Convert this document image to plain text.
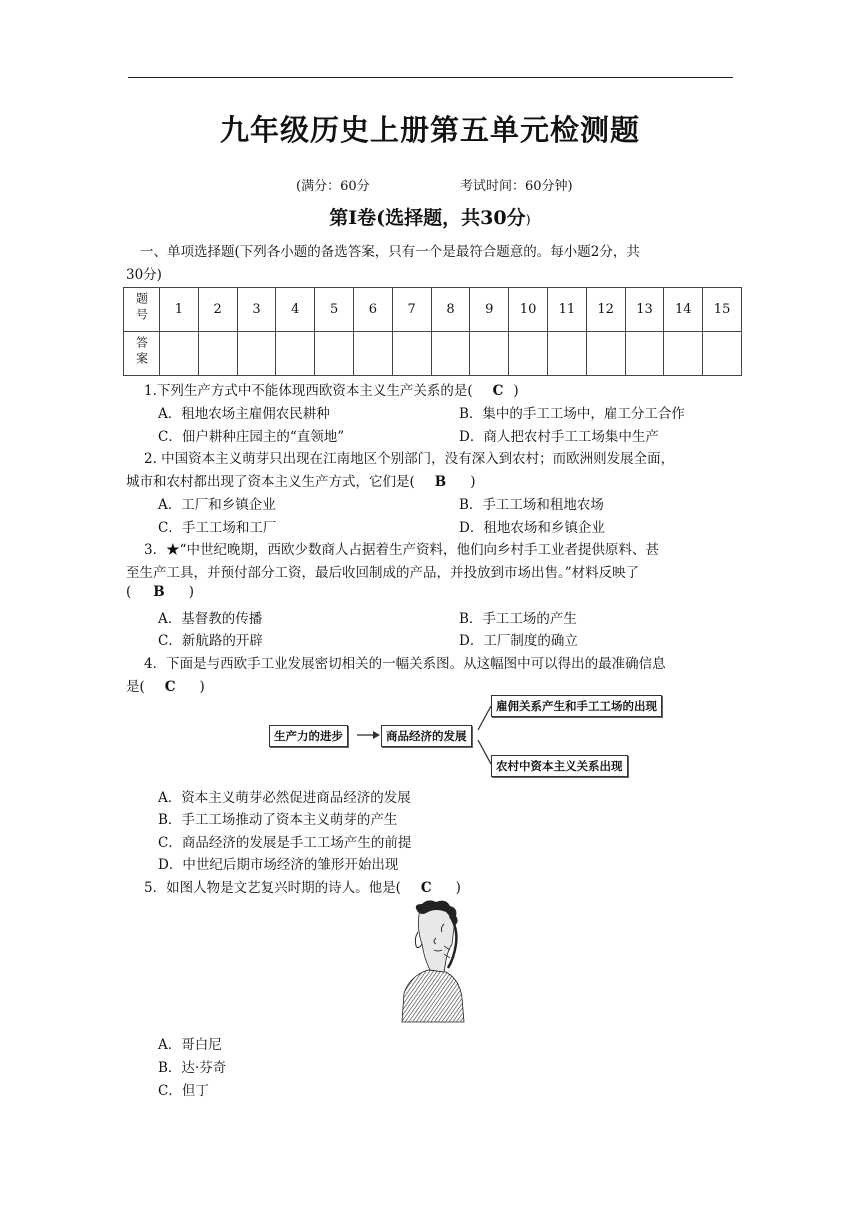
九年级历史上册第五单元检测题
(满分：60分	考试时间：60分钟)
第Ⅰ卷(选择题，共30分)
一、单项选择题(下列各小题的备选答案，只有一个是最符合题意的。每小题2分，共
30分)
题号	1	2	3	4	5	6	7	8	9	10	11	12	13	14	15
答案															
1.下列生产方式中不能体现西欧资本主义生产关系的是( C )
A．租地农场主雇佣农民耕种	B．集中的手工工场中，雇工分工合作
C．佃户耕种庄园主的“直领地”	D．商人把农村手工工场集中生产
2. 中国资本主义萌芽只出现在江南地区个别部门，没有深入到农村；而欧洲则发展全面，
城市和农村都出现了资本主义生产方式，它们是( B )
A．工厂和乡镇企业	B．手工工场和租地农场
C．手工工场和工厂	D．租地农场和乡镇企业
3．★“中世纪晚期，西欧少数商人占据着生产资料，他们向乡村手工业者提供原料、甚
至生产工具，并预付部分工资，最后收回制成的产品，并投放到市场出售。”材料反映了
( B )
A．基督教的传播	B．手工工场的产生
C．新航路的开辟	D．工厂制度的确立
4．下面是与西欧手工业发展密切相关的一幅关系图。从这幅图中可以得出的最准确信息
是( C )
生产力的进步	商品经济的发展
雇佣关系产生和手工工场的出现
农村中资本主义关系出现
A．资本主义萌芽必然促进商品经济的发展
B．手工工场推动了资本主义萌芽的产生
C．商品经济的发展是手工工场产生的前提
D．中世纪后期市场经济的雏形开始出现
5．如图人物是文艺复兴时期的诗人。他是( C )
A．哥白尼
B．达·芬奇
C．但丁
